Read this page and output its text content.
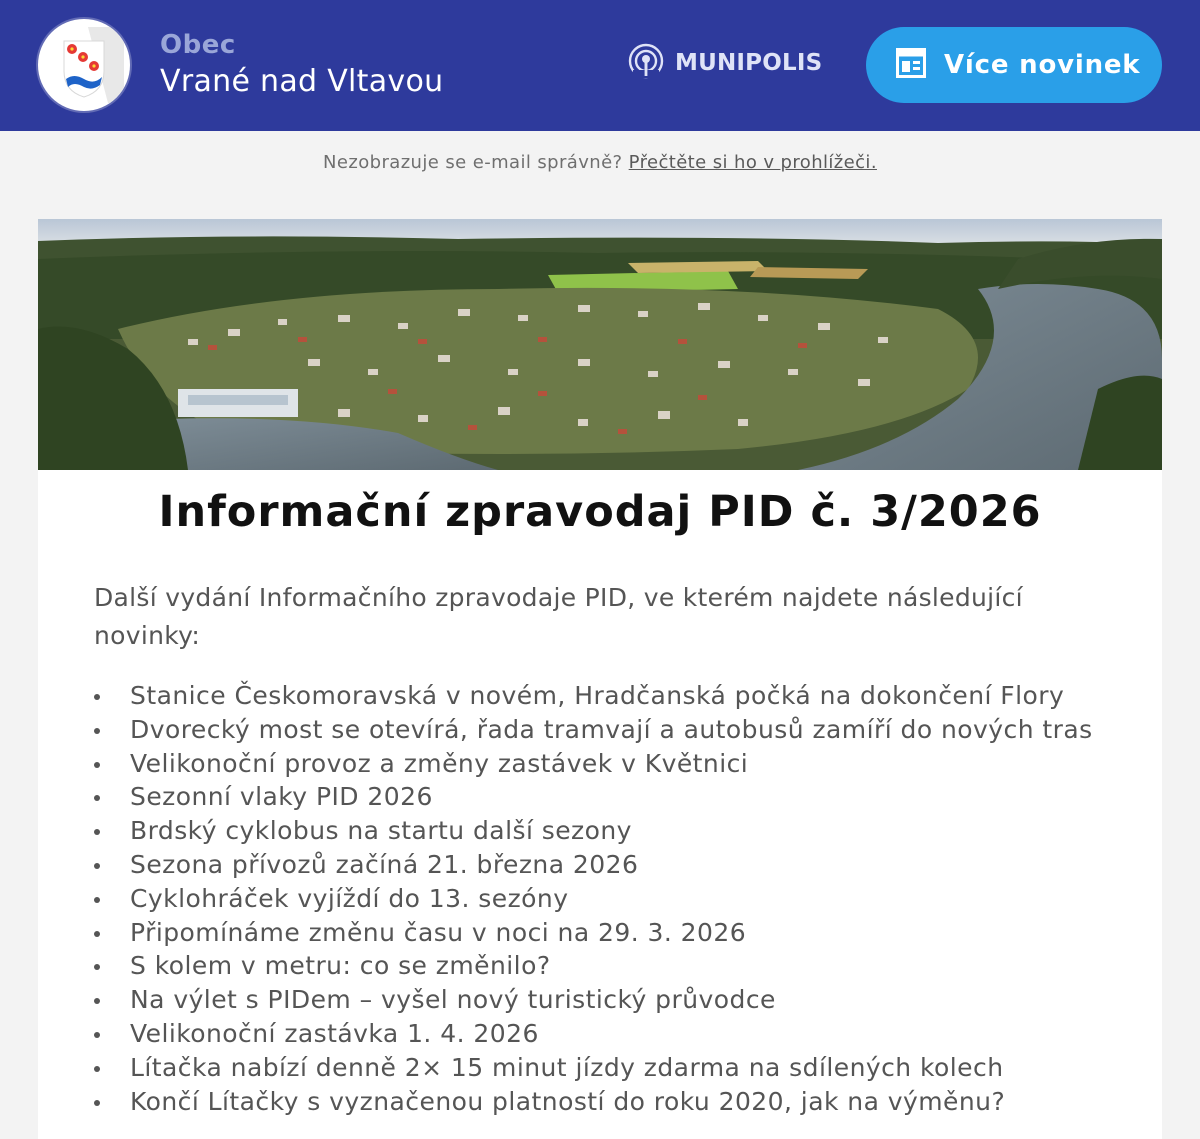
Obec
Vrané nad Vltavou
MUNIPOLIS	Více novinek
Nezobrazuje se e-mail správně? Přečtěte si ho v prohlížeči.
Informační zpravodaj PID č. 3/2026
Další vydání Informačního zpravodaje PID, ve kterém najdete následující novinky:
Stanice Českomoravská v novém, Hradčanská počká na dokončení Flory
Dvorecký most se otevírá, řada tramvají a autobusů zamíří do nových tras
Velikonoční provoz a změny zastávek v Květnici
Sezonní vlaky PID 2026
Brdský cyklobus na startu další sezony
Sezona přívozů začíná 21. března 2026
Cyklohráček vyjíždí do 13. sezóny
Připomínáme změnu času v noci na 29. 3. 2026
S kolem v metru: co se změnilo?
Na výlet s PIDem – vyšel nový turistický průvodce
Velikonoční zastávka 1. 4. 2026
Lítačka nabízí denně 2× 15 minut jízdy zdarma na sdílených kolech
Končí Lítačky s vyznačenou platností do roku 2020, jak na výměnu?
